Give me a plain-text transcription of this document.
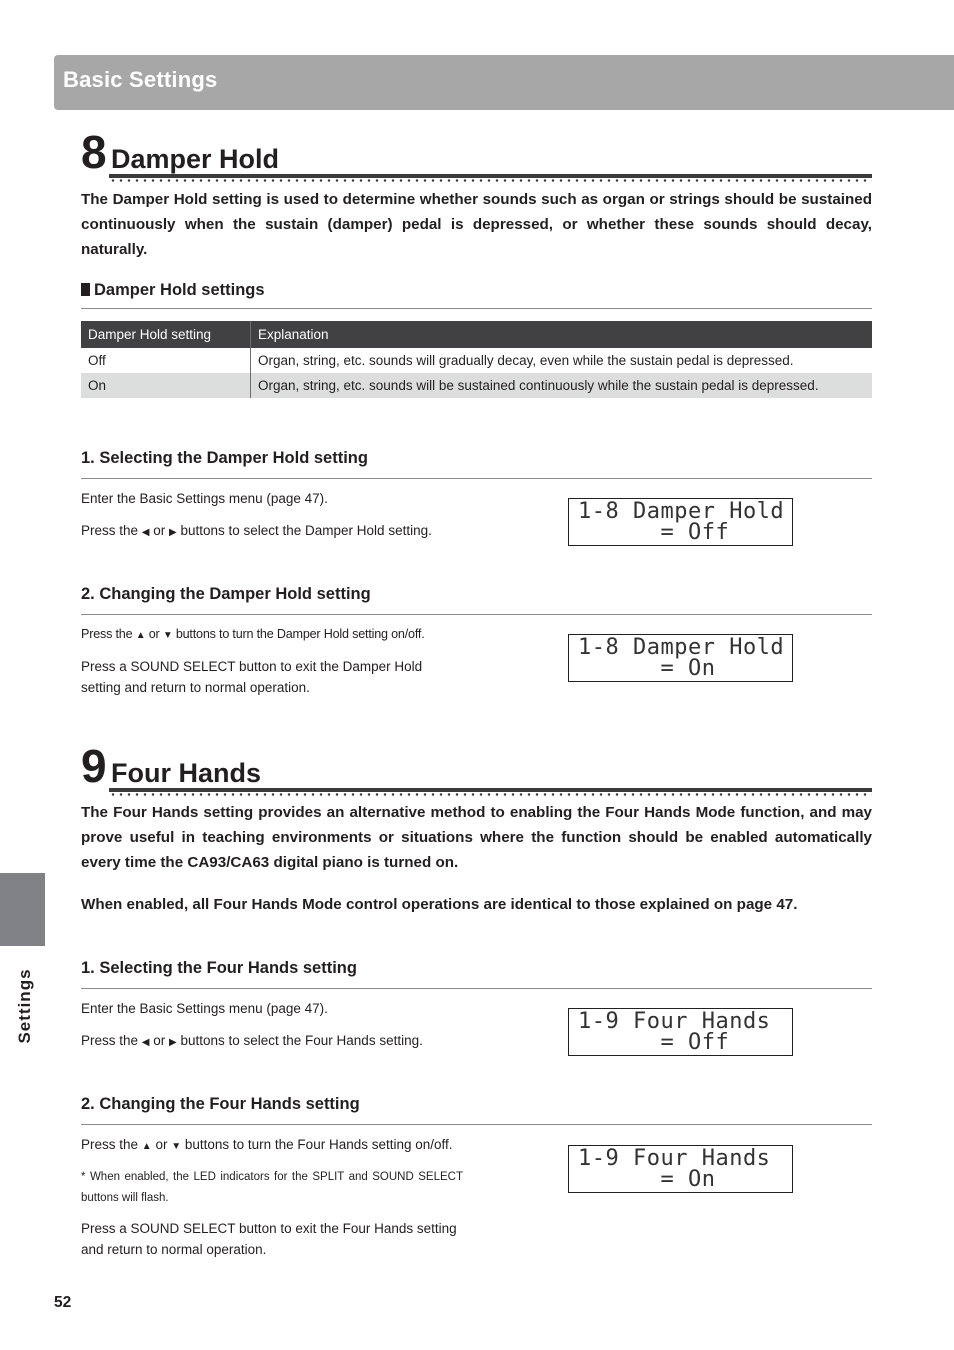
Basic Settings
8 Damper Hold
The Damper Hold setting is used to determine whether sounds such as organ or strings should be sustained continuously when the sustain (damper) pedal is depressed, or whether these sounds should decay, naturally.
Damper Hold settings
Damper Hold setting	Explanation
Off	Organ, string, etc. sounds will gradually decay, even while the sustain pedal is depressed.
On	Organ, string, etc. sounds will be sustained continuously while the sustain pedal is depressed.
1. Selecting the Damper Hold setting
Enter the Basic Settings menu (page 47).
Press the ◀ or ▶ buttons to select the Damper Hold setting.
1-8 Damper Hold
= Off
2. Changing the Damper Hold setting
Press the ▲ or ▼ buttons to turn the Damper Hold setting on/off.
Press a SOUND SELECT button to exit the Damper Hold setting and return to normal operation.
1-8 Damper Hold
= On
9 Four Hands
The Four Hands setting provides an alternative method to enabling the Four Hands Mode function, and may prove useful in teaching environments or situations where the function should be enabled automatically every time the CA93/CA63 digital piano is turned on.
When enabled, all Four Hands Mode control operations are identical to those explained on page 47.
1. Selecting the Four Hands setting
Enter the Basic Settings menu (page 47).
Press the ◀ or ▶ buttons to select the Four Hands setting.
1-9 Four Hands
= Off
2. Changing the Four Hands setting
Press the ▲ or ▼ buttons to turn the Four Hands setting on/off.
* When enabled, the LED indicators for the SPLIT and SOUND SELECT buttons will flash.
Press a SOUND SELECT button to exit the Four Hands setting and return to normal operation.
1-9 Four Hands
= On
Settings
52
